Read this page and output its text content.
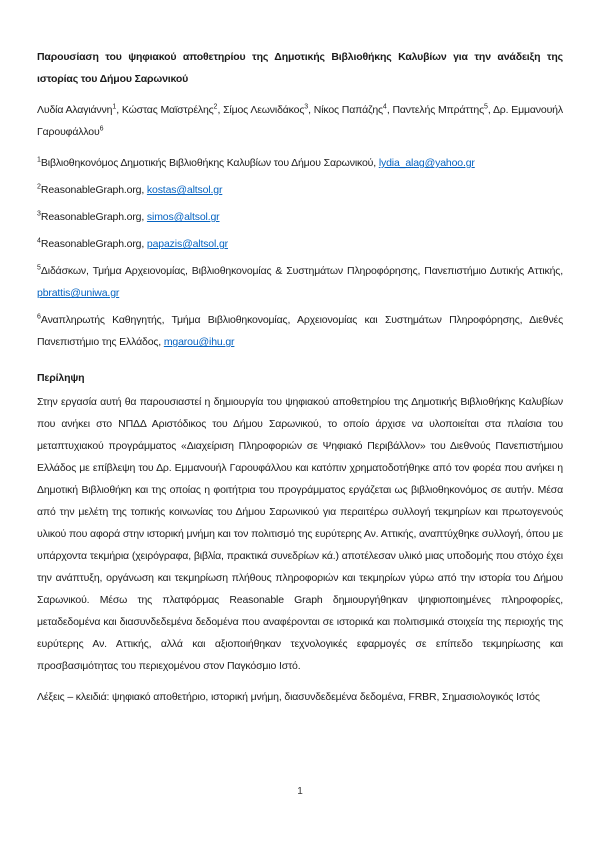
Παρουσίαση του ψηφιακού αποθετηρίου της Δημοτικής Βιβλιοθήκης Καλυβίων για την ανάδειξη της ιστορίας του Δήμου Σαρωνικού

Λυδία Αλαγιάννη$^1$, Κώστας Μαϊστρέλης$^2$, Σίμος Λεωνιδάκος$^3$, Νίκος Παπάζης$^4$, Παντελής Μπράττης$^5$, Δρ. Εμμανουήλ Γαρουφάλλου$^6$

$^1$Βιβλιοθηκονόμος Δημοτικής Βιβλιοθήκης Καλυβίων του Δήμου Σαρωνικού, lydia_alag@yahoo.gr

$^2$ReasonableGraph.org, kostas@altsol.gr

$^3$ReasonableGraph.org, simos@altsol.gr

$^4$ReasonableGraph.org, papazis@altsol.gr

$^5$Διδάσκων, Τμήμα Αρχειονομίας, Βιβλιοθηκονομίας & Συστημάτων Πληροφόρησης, Πανεπιστήμιο Δυτικής Αττικής, pbrattis@uniwa.gr

$^6$Αναπληρωτής Καθηγητής, Τμήμα Βιβλιοθηκονομίας, Αρχειονομίας και Συστημάτων Πληροφόρησης, Διεθνές Πανεπιστήμιο της Ελλάδος, mgarou@ihu.gr

Περίληψη

Στην εργασία αυτή θα παρουσιαστεί η δημιουργία του ψηφιακού αποθετηρίου της Δημοτικής Βιβλιοθήκης Καλυβίων που ανήκει στο ΝΠΔΔ Αριστόδικος του Δήμου Σαρωνικού, το οποίο άρχισε να υλοποιείται στα πλαίσια του μεταπτυχιακού προγράμματος «Διαχείριση Πληροφοριών σε Ψηφιακό Περιβάλλον» του Διεθνούς Πανεπιστήμιου Ελλάδος με επίβλεψη του Δρ. Εμμανουήλ Γαρουφάλλου και κατόπιν χρηματοδοτήθηκε από τον φορέα που ανήκει η Δημοτική Βιβλιοθήκη και της οποίας η φοιτήτρια του προγράμματος εργάζεται ως βιβλιοθηκονόμος σε αυτήν. Μέσα από την μελέτη της τοπικής κοινωνίας του Δήμου Σαρωνικού για περαιτέρω συλλογή τεκμηρίων και πρωτογενούς υλικού που αφορά στην ιστορική μνήμη και τον πολιτισμό της ευρύτερης Αν. Αττικής, αναπτύχθηκε συλλογή, όπου με υπάρχοντα τεκμήρια (χειρόγραφα, βιβλία, πρακτικά συνεδρίων κά.) αποτέλεσαν υλικό μιας υποδομής που στόχο έχει την ανάπτυξη, οργάνωση και τεκμηρίωση πλήθους πληροφοριών και τεκμηρίων γύρω από την ιστορία του Δήμου Σαρωνικού. Μέσω της πλατφόρμας Reasonable Graph δημιουργήθηκαν ψηφιοποιημένες πληροφορίες, μεταδεδομένα και διασυνδεδεμένα δεδομένα που αναφέρονται σε ιστορικά και πολιτισμικά στοιχεία της περιοχής της ευρύτερης Αν. Αττικής, αλλά και αξιοποιήθηκαν τεχνολογικές εφαρμογές σε επίπεδο τεκμηρίωσης και προσβασιμότητας του περιεχομένου στον Παγκόσμιο Ιστό.

Λέξεις – κλειδιά: ψηφιακό αποθετήριο, ιστορική μνήμη, διασυνδεδεμένα δεδομένα, FRBR, Σημασιολογικός Ιστός

1
